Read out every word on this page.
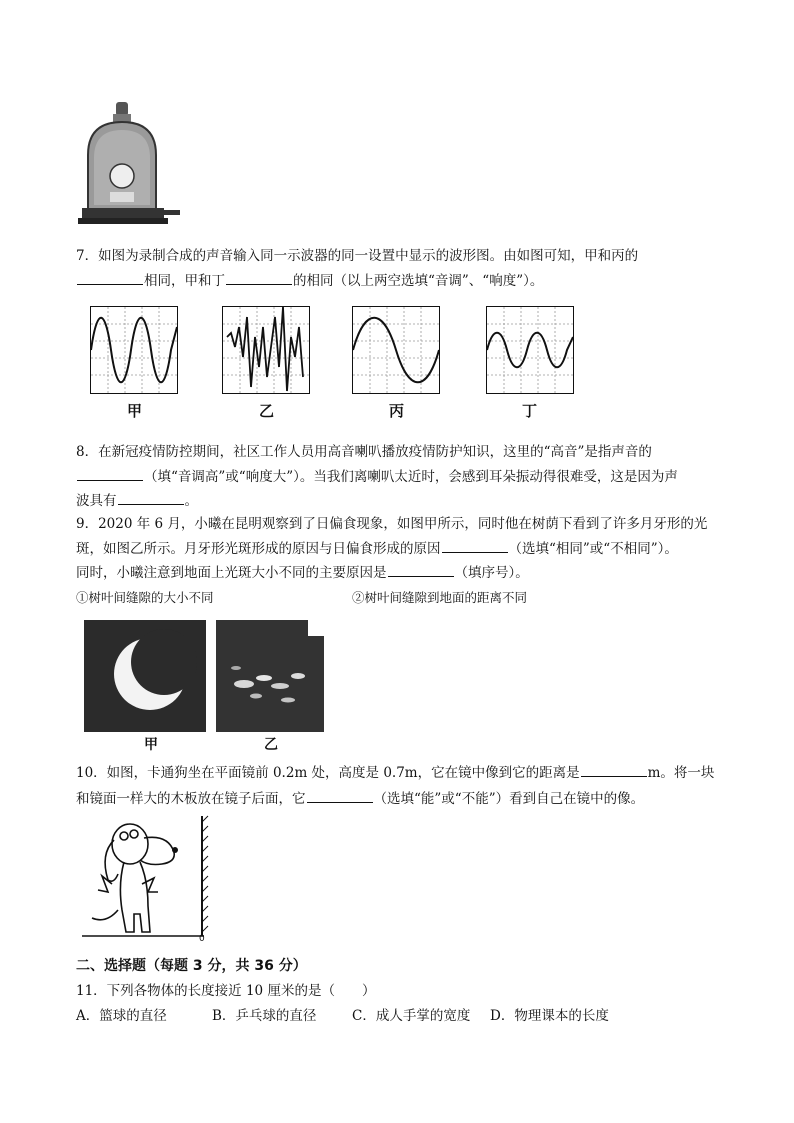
7．如图为录制合成的声音输入同一示波器的同一设置中显示的波形图。由如图可知，甲和丙的
相同，甲和丁	的相同（以上两空选填“音调”、“响度”）。
甲	乙	丙	丁
8．在新冠疫情防控期间，社区工作人员用高音喇叭播放疫情防护知识，这里的“高音”是指声音的
（填“音调高”或“响度大”）。当我们离喇叭太近时，会感到耳朵振动得很难受，这是因为声
波具有	。
9．2020 年 6 月，小曦在昆明观察到了日偏食现象，如图甲所示，同时他在树荫下看到了许多月牙形的光
斑，如图乙所示。月牙形光斑形成的原因与日偏食形成的原因	（选填“相同”或“不相同”）。
同时，小曦注意到地面上光斑大小不同的主要原因是	（填序号）。
①树叶间缝隙的大小不同	②树叶间缝隙到地面的距离不同
甲	乙
10．如图，卡通狗坐在平面镜前 0.2m 处，高度是 0.7m，它在镜中像到它的距离是	m。将一块
和镜面一样大的木板放在镜子后面，它	（选填“能”或“不能”）看到自己在镜中的像。
0
二、选择题（每题 3 分，共 36 分）
11．下列各物体的长度接近 10 厘米的是（　　）
A．篮球的直径	B．乒乓球的直径	C．成人手掌的宽度 D．物理课本的长度
